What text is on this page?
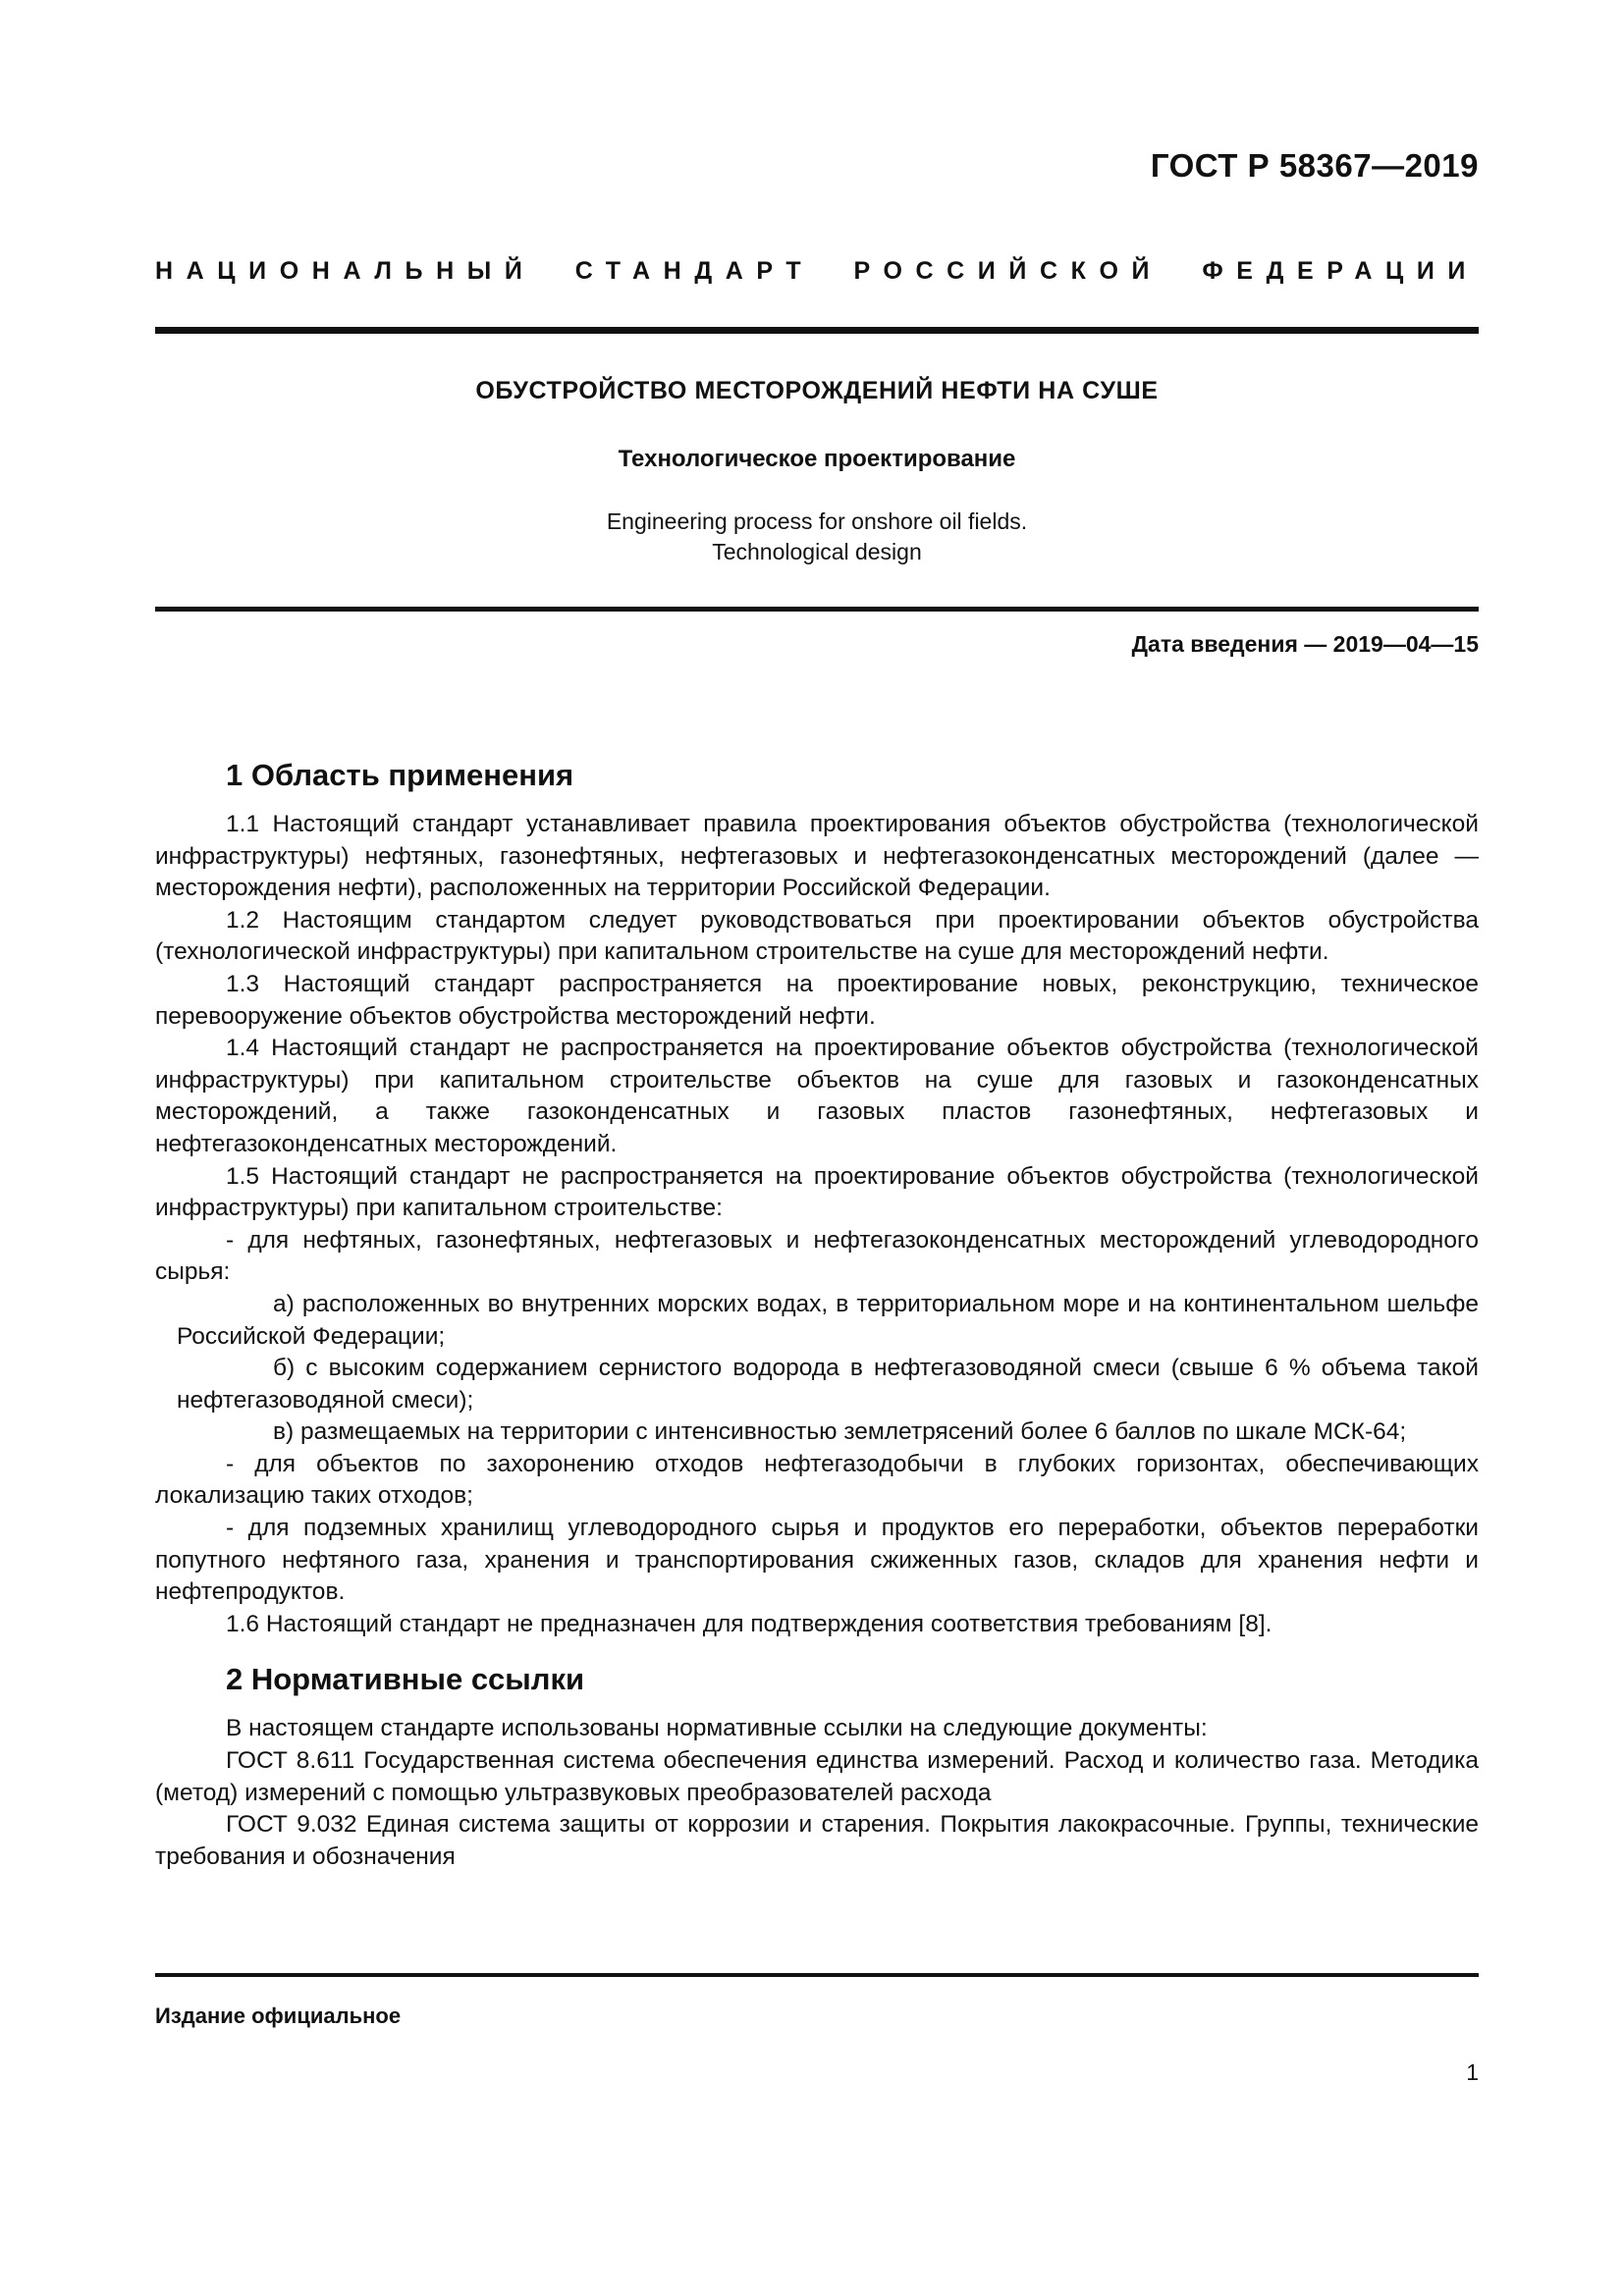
ГОСТ Р 58367—2019
НАЦИОНАЛЬНЫЙ СТАНДАРТ РОССИЙСКОЙ ФЕДЕРАЦИИ
ОБУСТРОЙСТВО МЕСТОРОЖДЕНИЙ НЕФТИ НА СУШЕ
Технологическое проектирование
Engineering process for onshore oil fields.
Technological design
Дата введения — 2019—04—15
1 Область применения

1.1 Настоящий стандарт устанавливает правила проектирования объектов обустройства (технологической инфраструктуры) нефтяных, газонефтяных, нефтегазовых и нефтегазоконденсатных месторождений (далее — месторождения нефти), расположенных на территории Российской Федерации.

1.2 Настоящим стандартом следует руководствоваться при проектировании объектов обустройства (технологической инфраструктуры) при капитальном строительстве на суше для месторождений нефти.

1.3 Настоящий стандарт распространяется на проектирование новых, реконструкцию, техническое перевооружение объектов обустройства месторождений нефти.

1.4 Настоящий стандарт не распространяется на проектирование объектов обустройства (технологической инфраструктуры) при капитальном строительстве объектов на суше для газовых и газоконденсатных месторождений, а также газоконденсатных и газовых пластов газонефтяных, нефтегазовых и нефтегазоконденсатных месторождений.

1.5 Настоящий стандарт не распространяется на проектирование объектов обустройства (технологической инфраструктуры) при капитальном строительстве:

- для нефтяных, газонефтяных, нефтегазовых и нефтегазоконденсатных месторождений углеводородного сырья:

а) расположенных во внутренних морских водах, в территориальном море и на континентальном шельфе Российской Федерации;

б) с высоким содержанием сернистого водорода в нефтегазоводяной смеси (свыше 6 % объема такой нефтегазоводяной смеси);

в) размещаемых на территории с интенсивностью землетрясений более 6 баллов по шкале МСК-64;

- для объектов по захоронению отходов нефтегазодобычи в глубоких горизонтах, обеспечивающих локализацию таких отходов;

- для подземных хранилищ углеводородного сырья и продуктов его переработки, объектов переработки попутного нефтяного газа, хранения и транспортирования сжиженных газов, складов для хранения нефти и нефтепродуктов.

1.6 Настоящий стандарт не предназначен для подтверждения соответствия требованиям [8].

2 Нормативные ссылки

В настоящем стандарте использованы нормативные ссылки на следующие документы:

ГОСТ 8.611 Государственная система обеспечения единства измерений. Расход и количество газа. Методика (метод) измерений с помощью ультразвуковых преобразователей расхода

ГОСТ 9.032 Единая система защиты от коррозии и старения. Покрытия лакокрасочные. Группы, технические требования и обозначения

Издание официальное
1
